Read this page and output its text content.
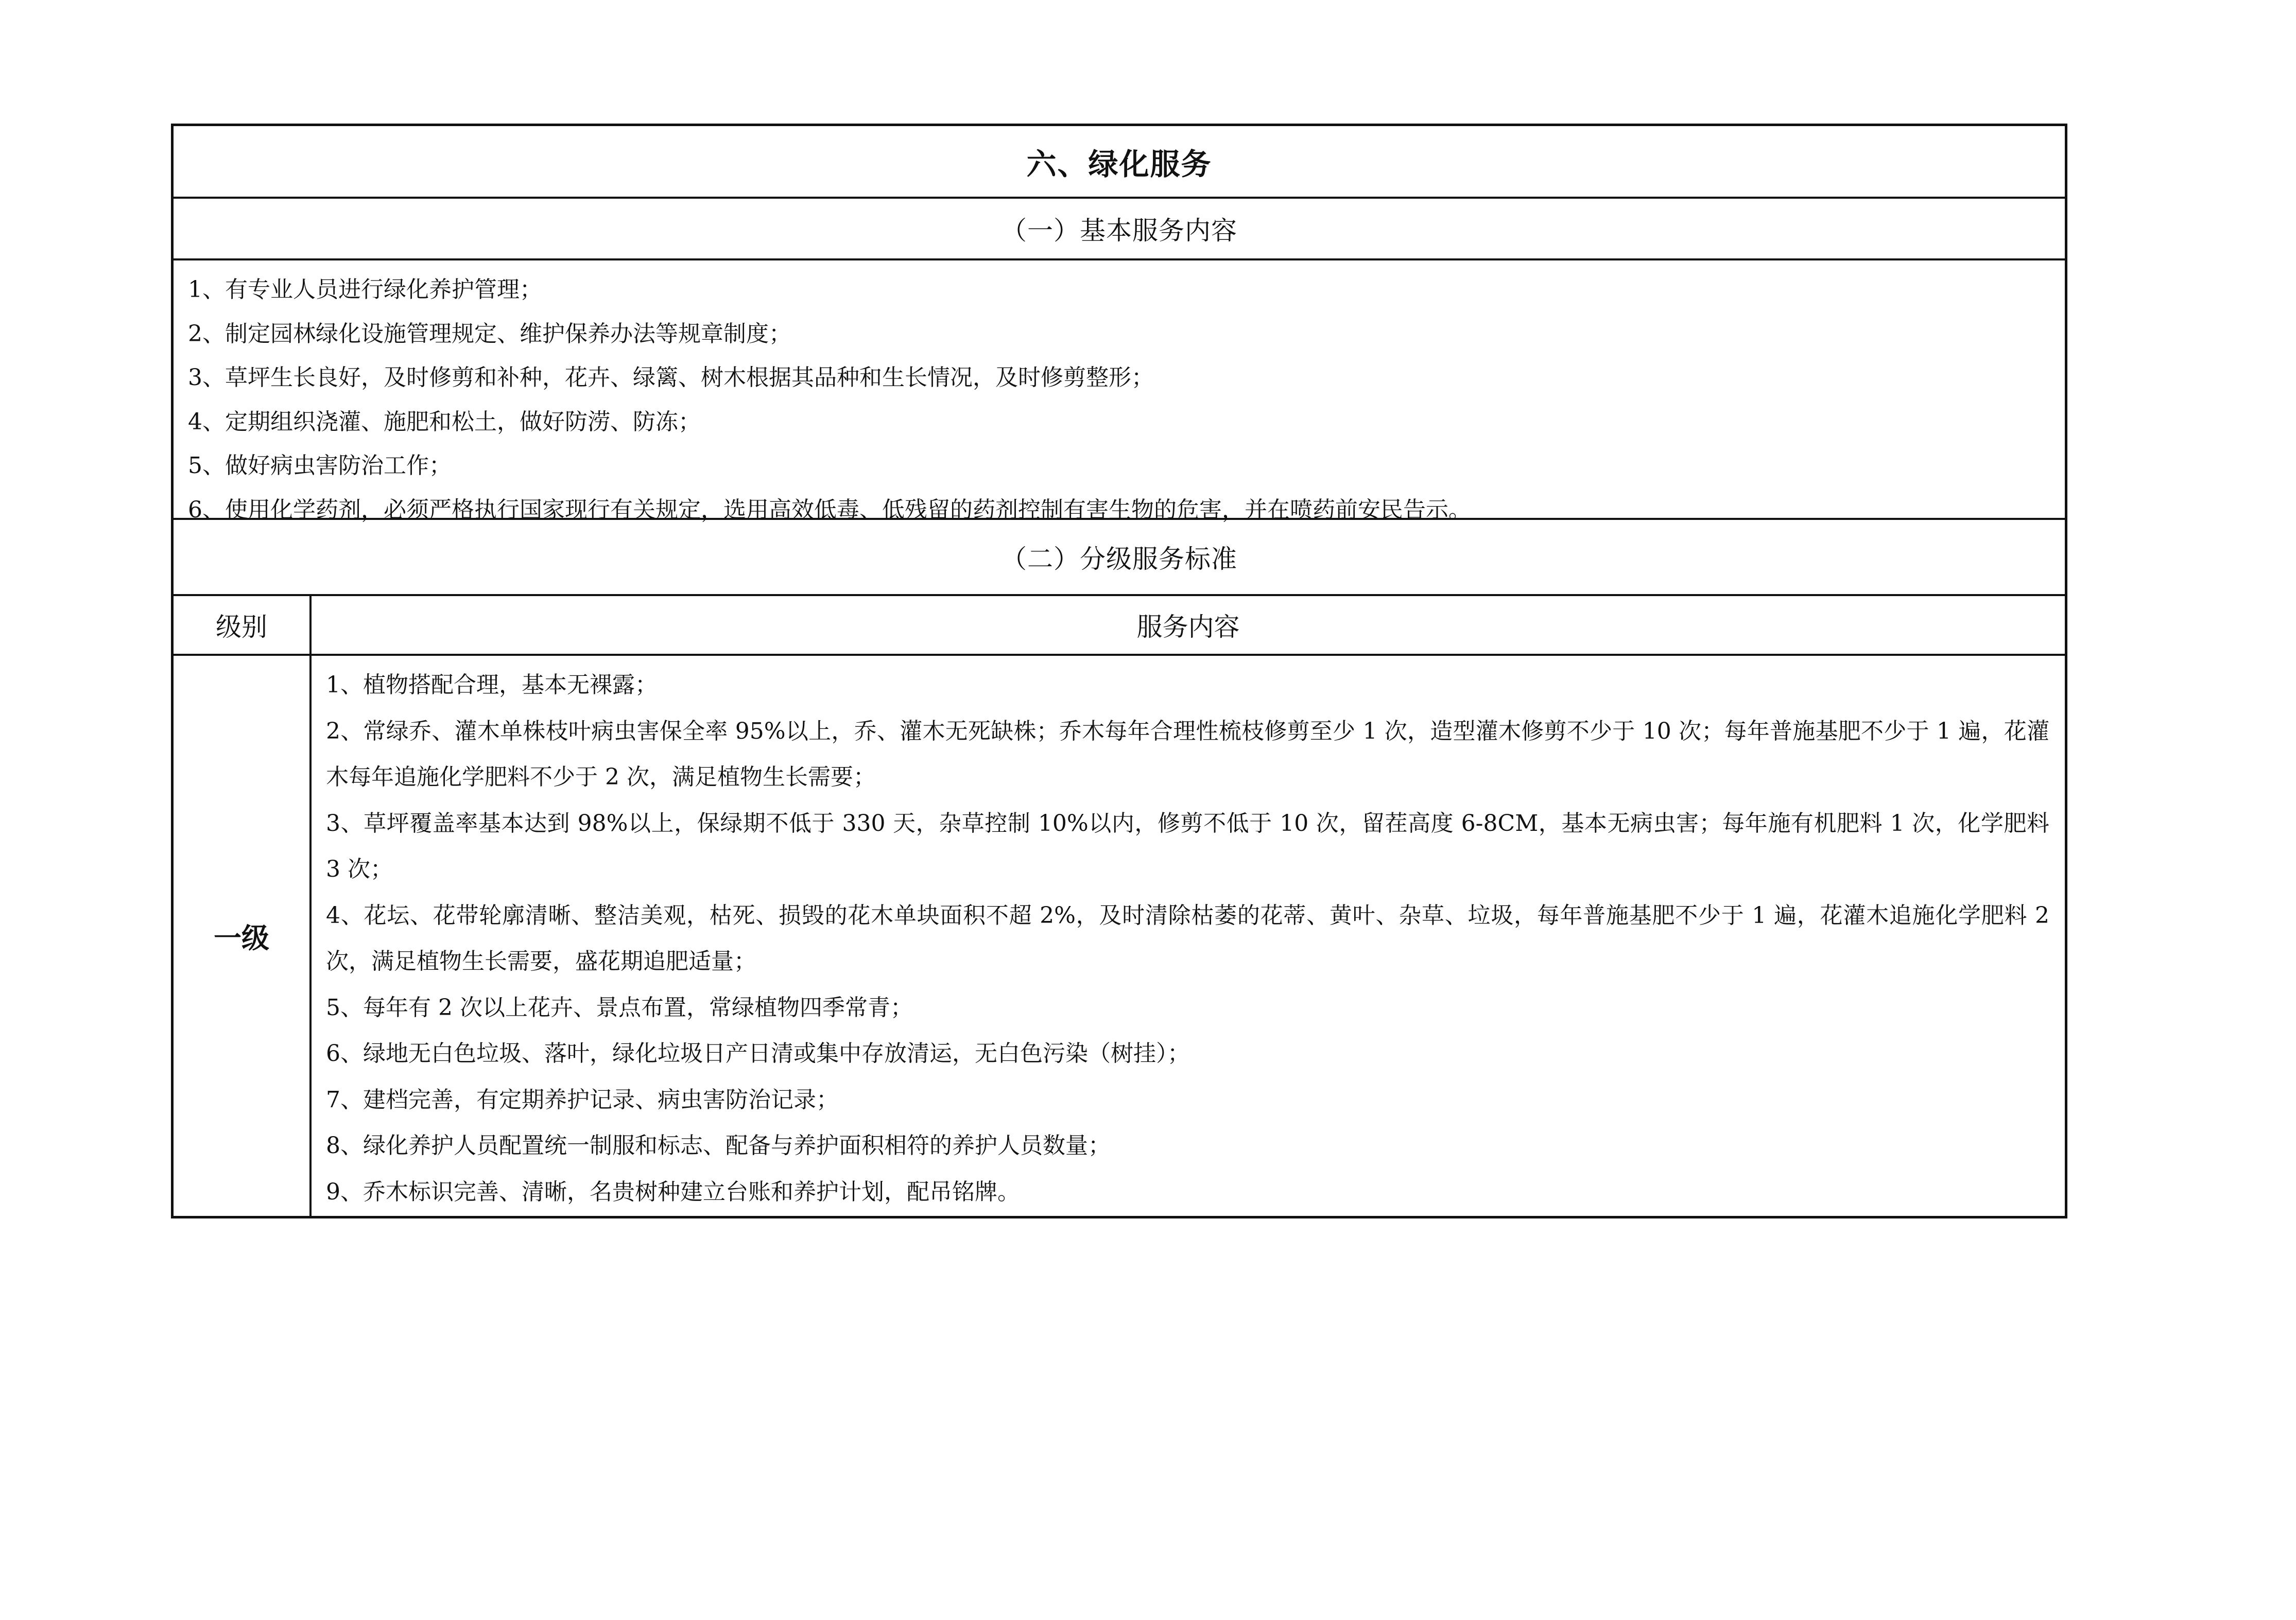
六、绿化服务
（一）基本服务内容
1、有专业人员进行绿化养护管理；
2、制定园林绿化设施管理规定、维护保养办法等规章制度；
3、草坪生长良好，及时修剪和补种，花卉、绿篱、树木根据其品种和生长情况，及时修剪整形；
4、定期组织浇灌、施肥和松土，做好防涝、防冻；
5、做好病虫害防治工作；
6、使用化学药剂，必须严格执行国家现行有关规定，选用高效低毒、低残留的药剂控制有害生物的危害，并在喷药前安民告示。
（二）分级服务标准
级别	服务内容
一级
1、植物搭配合理，基本无裸露；
2、常绿乔、灌木单株枝叶病虫害保全率 95%以上，乔、灌木无死缺株；乔木每年合理性梳枝修剪至少 1 次，造型灌木修剪不少于 10 次；每年普施基肥不少于 1 遍，花灌木每年追施化学肥料不少于 2 次，满足植物生长需要；
3、草坪覆盖率基本达到 98%以上，保绿期不低于 330 天，杂草控制 10%以内，修剪不低于 10 次，留茬高度 6-8CM，基本无病虫害；每年施有机肥料 1 次，化学肥料 3 次；
4、花坛、花带轮廓清晰、整洁美观，枯死、损毁的花木单块面积不超 2%，及时清除枯萎的花蒂、黄叶、杂草、垃圾，每年普施基肥不少于 1 遍，花灌木追施化学肥料 2 次，满足植物生长需要，盛花期追肥适量；
5、每年有 2 次以上花卉、景点布置，常绿植物四季常青；
6、绿地无白色垃圾、落叶，绿化垃圾日产日清或集中存放清运，无白色污染（树挂）；
7、建档完善，有定期养护记录、病虫害防治记录；
8、绿化养护人员配置统一制服和标志、配备与养护面积相符的养护人员数量；
9、乔木标识完善、清晰，名贵树种建立台账和养护计划，配吊铭牌。
